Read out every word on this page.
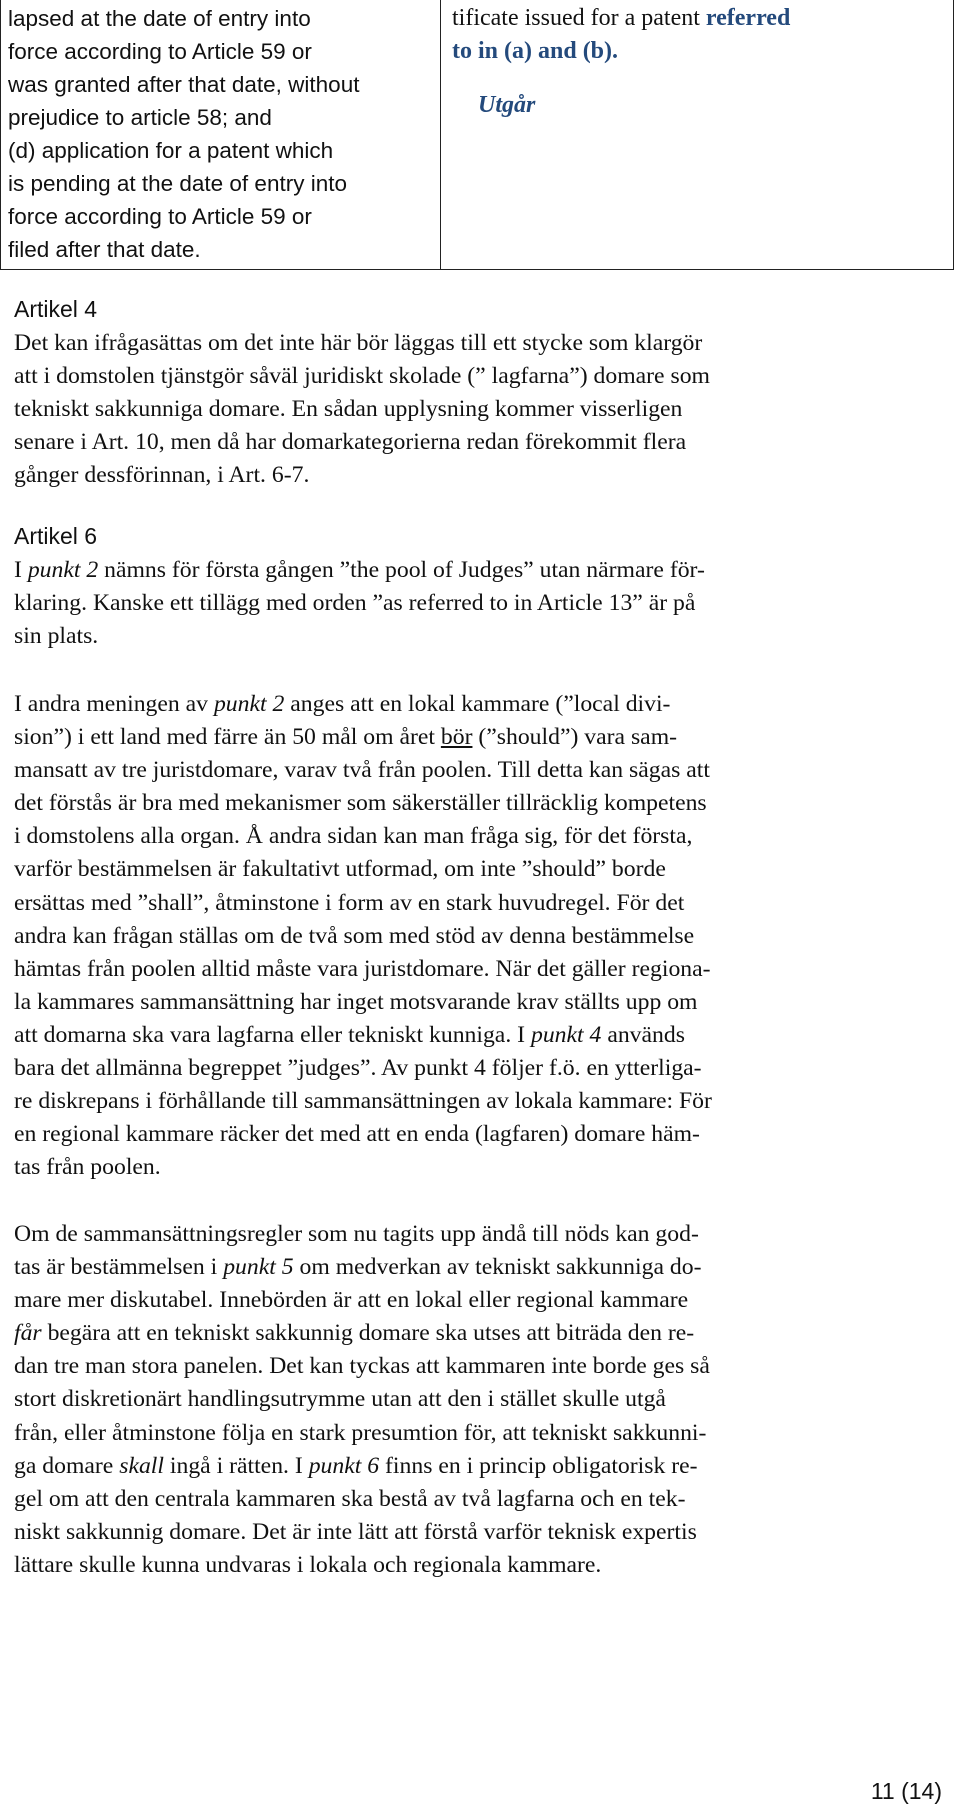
lapsed at the date of entry into
force according to Article 59 or
was granted after that date, without
prejudice to article 58; and
(d) application for a patent which
is pending at the date of entry into
force according to Article 59 or
filed after that date.
tificate issued for a patent referred
to in (a) and (b).
Utgår
Artikel 4
Det kan ifrågasättas om det inte här bör läggas till ett stycke som klargör
att i domstolen tjänstgör såväl juridiskt skolade (” lagfarna”) domare som
tekniskt sakkunniga domare. En sådan upplysning kommer visserligen
senare i Art. 10, men då har domarkategorierna redan förekommit flera
gånger dessförinnan, i Art. 6-7.
Artikel 6
I punkt 2 nämns för första gången ”the pool of Judges” utan närmare för-
klaring. Kanske ett tillägg med orden ”as referred to in Article 13” är på
sin plats.
I andra meningen av punkt 2 anges att en lokal kammare (”local divi-
sion”) i ett land med färre än 50 mål om året bör (”should”) vara sam-
mansatt av tre juristdomare, varav två från poolen. Till detta kan sägas att
det förstås är bra med mekanismer som säkerställer tillräcklig kompetens
i domstolens alla organ. Å andra sidan kan man fråga sig, för det första,
varför bestämmelsen är fakultativt utformad, om inte ”should” borde
ersättas med ”shall”, åtminstone i form av en stark huvudregel. För det
andra kan frågan ställas om de två som med stöd av denna bestämmelse
hämtas från poolen alltid måste vara juristdomare. När det gäller regiona-
la kammares sammansättning har inget motsvarande krav ställts upp om
att domarna ska vara lagfarna eller tekniskt kunniga. I punkt 4 används
bara det allmänna begreppet ”judges”. Av punkt 4 följer f.ö. en ytterliga-
re diskrepans i förhållande till sammansättningen av lokala kammare: För
en regional kammare räcker det med att en enda (lagfaren) domare häm-
tas från poolen.
Om de sammansättningsregler som nu tagits upp ändå till nöds kan god-
tas är bestämmelsen i punkt 5 om medverkan av tekniskt sakkunniga do-
mare mer diskutabel. Innebörden är att en lokal eller regional kammare
får begära att en tekniskt sakkunnig domare ska utses att biträda den re-
dan tre man stora panelen. Det kan tyckas att kammaren inte borde ges så
stort diskretionärt handlingsutrymme utan att den i stället skulle utgå
från, eller åtminstone följa en stark presumtion för, att tekniskt sakkunni-
ga domare skall ingå i rätten. I punkt 6 finns en i princip obligatorisk re-
gel om att den centrala kammaren ska bestå av två lagfarna och en tek-
niskt sakkunnig domare. Det är inte lätt att förstå varför teknisk expertis
lättare skulle kunna undvaras i lokala och regionala kammare.
11 (14)
